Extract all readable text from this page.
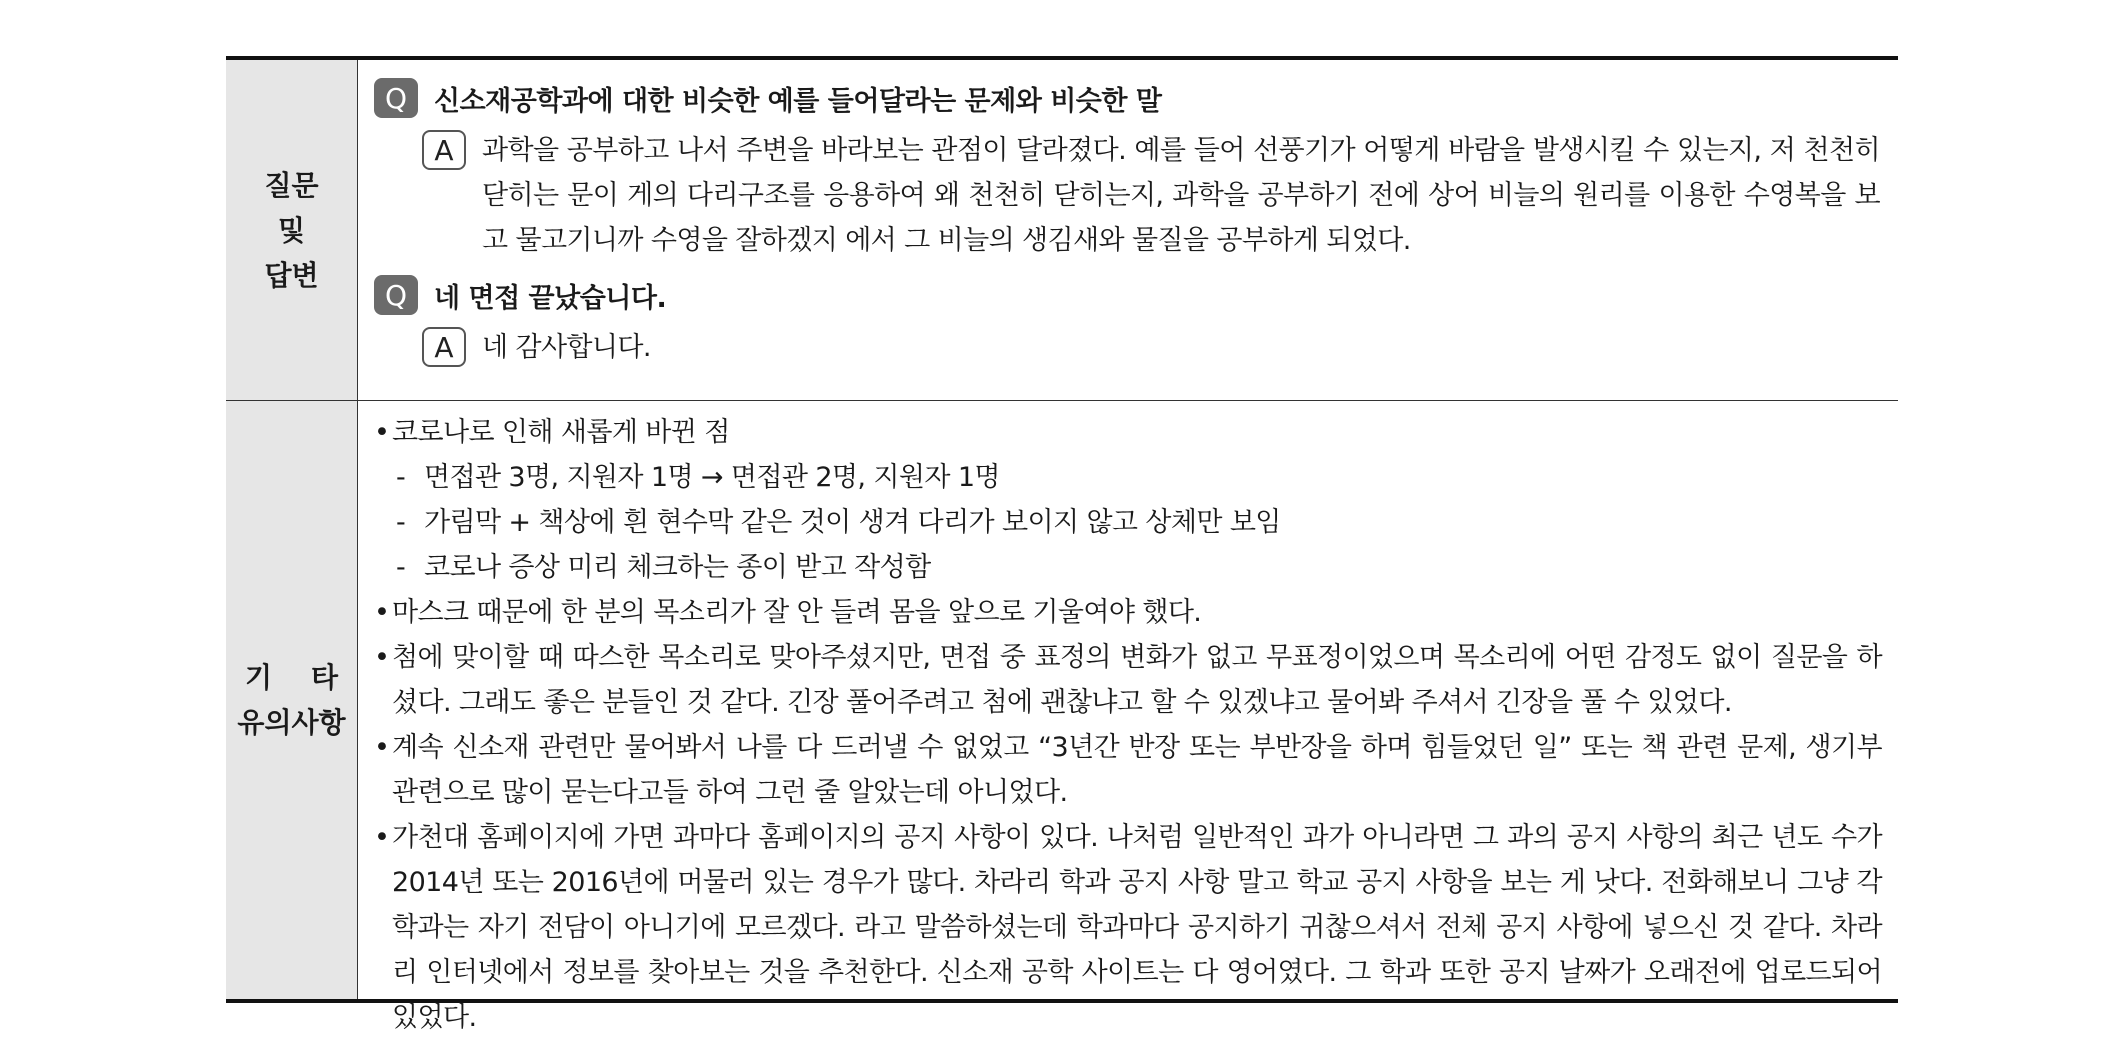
질문
및
답변
Q 신소재공학과에 대한 비슷한 예를 들어달라는 문제와 비슷한 말
A	과학을 공부하고 나서 주변을 바라보는 관점이 달라졌다. 예를 들어 선풍기가 어떻게 바람을 발생시킬 수 있는지, 저 천천히 닫히는 문이 게의 다리구조를 응용하여 왜 천천히 닫히는지, 과학을 공부하기 전에 상어 비늘의 원리를 이용한 수영복을 보고 물고기니까 수영을 잘하겠지 에서 그 비늘의 생김새와 물질을 공부하게 되었다.
Q 네 면접 끝났습니다.
A	네 감사합니다.
기    타
유의사항
• 코로나로 인해 새롭게 바뀐 점
- 면접관 3명, 지원자 1명 → 면접관 2명, 지원자 1명
- 가림막 + 책상에 흰 현수막 같은 것이 생겨 다리가 보이지 않고 상체만 보임
- 코로나 증상 미리 체크하는 종이 받고 작성함
• 마스크 때문에 한 분의 목소리가 잘 안 들려 몸을 앞으로 기울여야 했다.
• 첨에 맞이할 때 따스한 목소리로 맞아주셨지만, 면접 중 표정의 변화가 없고 무표정이었으며 목소리에 어떤 감정도 없이 질문을 하셨다. 그래도 좋은 분들인 것 같다. 긴장 풀어주려고 첨에 괜찮냐고 할 수 있겠냐고 물어봐 주셔서 긴장을 풀 수 있었다.
• 계속 신소재 관련만 물어봐서 나를 다 드러낼 수 없었고 “3년간 반장 또는 부반장을 하며 힘들었던 일” 또는 책 관련 문제, 생기부 관련으로 많이 묻는다고들 하여 그런 줄 알았는데 아니었다.
• 가천대 홈페이지에 가면 과마다 홈페이지의 공지 사항이 있다. 나처럼 일반적인 과가 아니라면 그 과의 공지 사항의 최근 년도 수가 2014년 또는 2016년에 머물러 있는 경우가 많다. 차라리 학과 공지 사항 말고 학교 공지 사항을 보는 게 낫다. 전화해보니 그냥 각 학과는 자기 전담이 아니기에 모르겠다. 라고 말씀하셨는데 학과마다 공지하기 귀찮으셔서 전체 공지 사항에 넣으신 것 같다. 차라리 인터넷에서 정보를 찾아보는 것을 추천한다. 신소재 공학 사이트는 다 영어였다. 그 학과 또한 공지 날짜가 오래전에 업로드되어 있었다.
